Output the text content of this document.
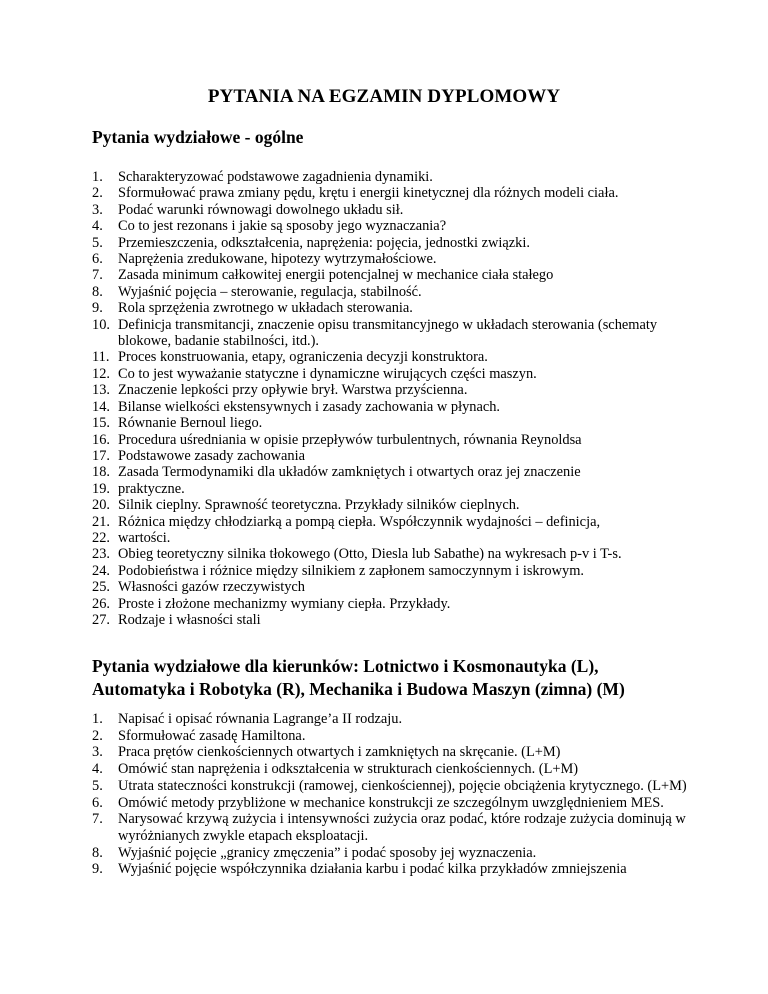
PYTANIA NA EGZAMIN DYPLOMOWY
Pytania wydziałowe - ogólne
1. Scharakteryzować podstawowe zagadnienia dynamiki.
2. Sformułować prawa zmiany pędu, krętu i energii kinetycznej dla różnych modeli ciała.
3. Podać warunki równowagi dowolnego układu sił.
4. Co to jest rezonans i jakie są sposoby jego wyznaczania?
5. Przemieszczenia, odkształcenia, naprężenia: pojęcia, jednostki związki.
6. Naprężenia zredukowane, hipotezy wytrzymałościowe.
7. Zasada minimum całkowitej energii potencjalnej w mechanice ciała stałego
8. Wyjaśnić pojęcia – sterowanie, regulacja, stabilność.
9. Rola sprzężenia zwrotnego w układach sterowania.
10. Definicja transmitancji, znaczenie opisu transmitancyjnego w układach sterowania (schematy blokowe, badanie stabilności, itd.).
11. Proces konstruowania, etapy, ograniczenia decyzji konstruktora.
12. Co to jest wyważanie statyczne i dynamiczne wirujących części maszyn.
13. Znaczenie lepkości przy opływie brył. Warstwa przyścienna.
14. Bilanse wielkości ekstensywnych i zasady zachowania w płynach.
15. Równanie Bernoul liego.
16. Procedura uśredniania w opisie przepływów turbulentnych, równania Reynoldsa
17. Podstawowe zasady zachowania
18. Zasada Termodynamiki dla układów zamkniętych i otwartych oraz jej znaczenie
19. praktyczne.
20. Silnik cieplny. Sprawność teoretyczna. Przykłady silników cieplnych.
21. Różnica między chłodziarką a pompą ciepła. Współczynnik wydajności – definicja,
22. wartości.
23. Obieg teoretyczny silnika tłokowego (Otto, Diesla lub Sabathe) na wykresach p-v i T-s.
24. Podobieństwa i różnice między silnikiem z zapłonem samoczynnym i iskrowym.
25. Własności gazów rzeczywistych
26. Proste i złożone mechanizmy wymiany ciepła. Przykłady.
27. Rodzaje i własności stali
Pytania wydziałowe dla kierunków: Lotnictwo i Kosmonautyka (L), Automatyka i Robotyka (R), Mechanika i Budowa Maszyn (zimna) (M)
1. Napisać i opisać równania Lagrange’a II rodzaju.
2. Sformułować zasadę Hamiltona.
3. Praca prętów cienkościennych otwartych i zamkniętych na skręcanie. (L+M)
4. Omówić stan naprężenia i odkształcenia w strukturach cienkościennych. (L+M)
5. Utrata stateczności konstrukcji (ramowej, cienkościennej), pojęcie obciążenia krytycznego. (L+M)
6. Omówić metody przybliżone w mechanice konstrukcji ze szczególnym uwzględnieniem MES.
7. Narysować krzywą zużycia i intensywności zużycia oraz podać, które rodzaje zużycia dominują w wyróżnianych zwykle etapach eksploatacji.
8. Wyjaśnić pojęcie „granicy zmęczenia” i podać sposoby jej wyznaczenia.
9. Wyjaśnić pojęcie współczynnika działania karbu i podać kilka przykładów zmniejszenia
